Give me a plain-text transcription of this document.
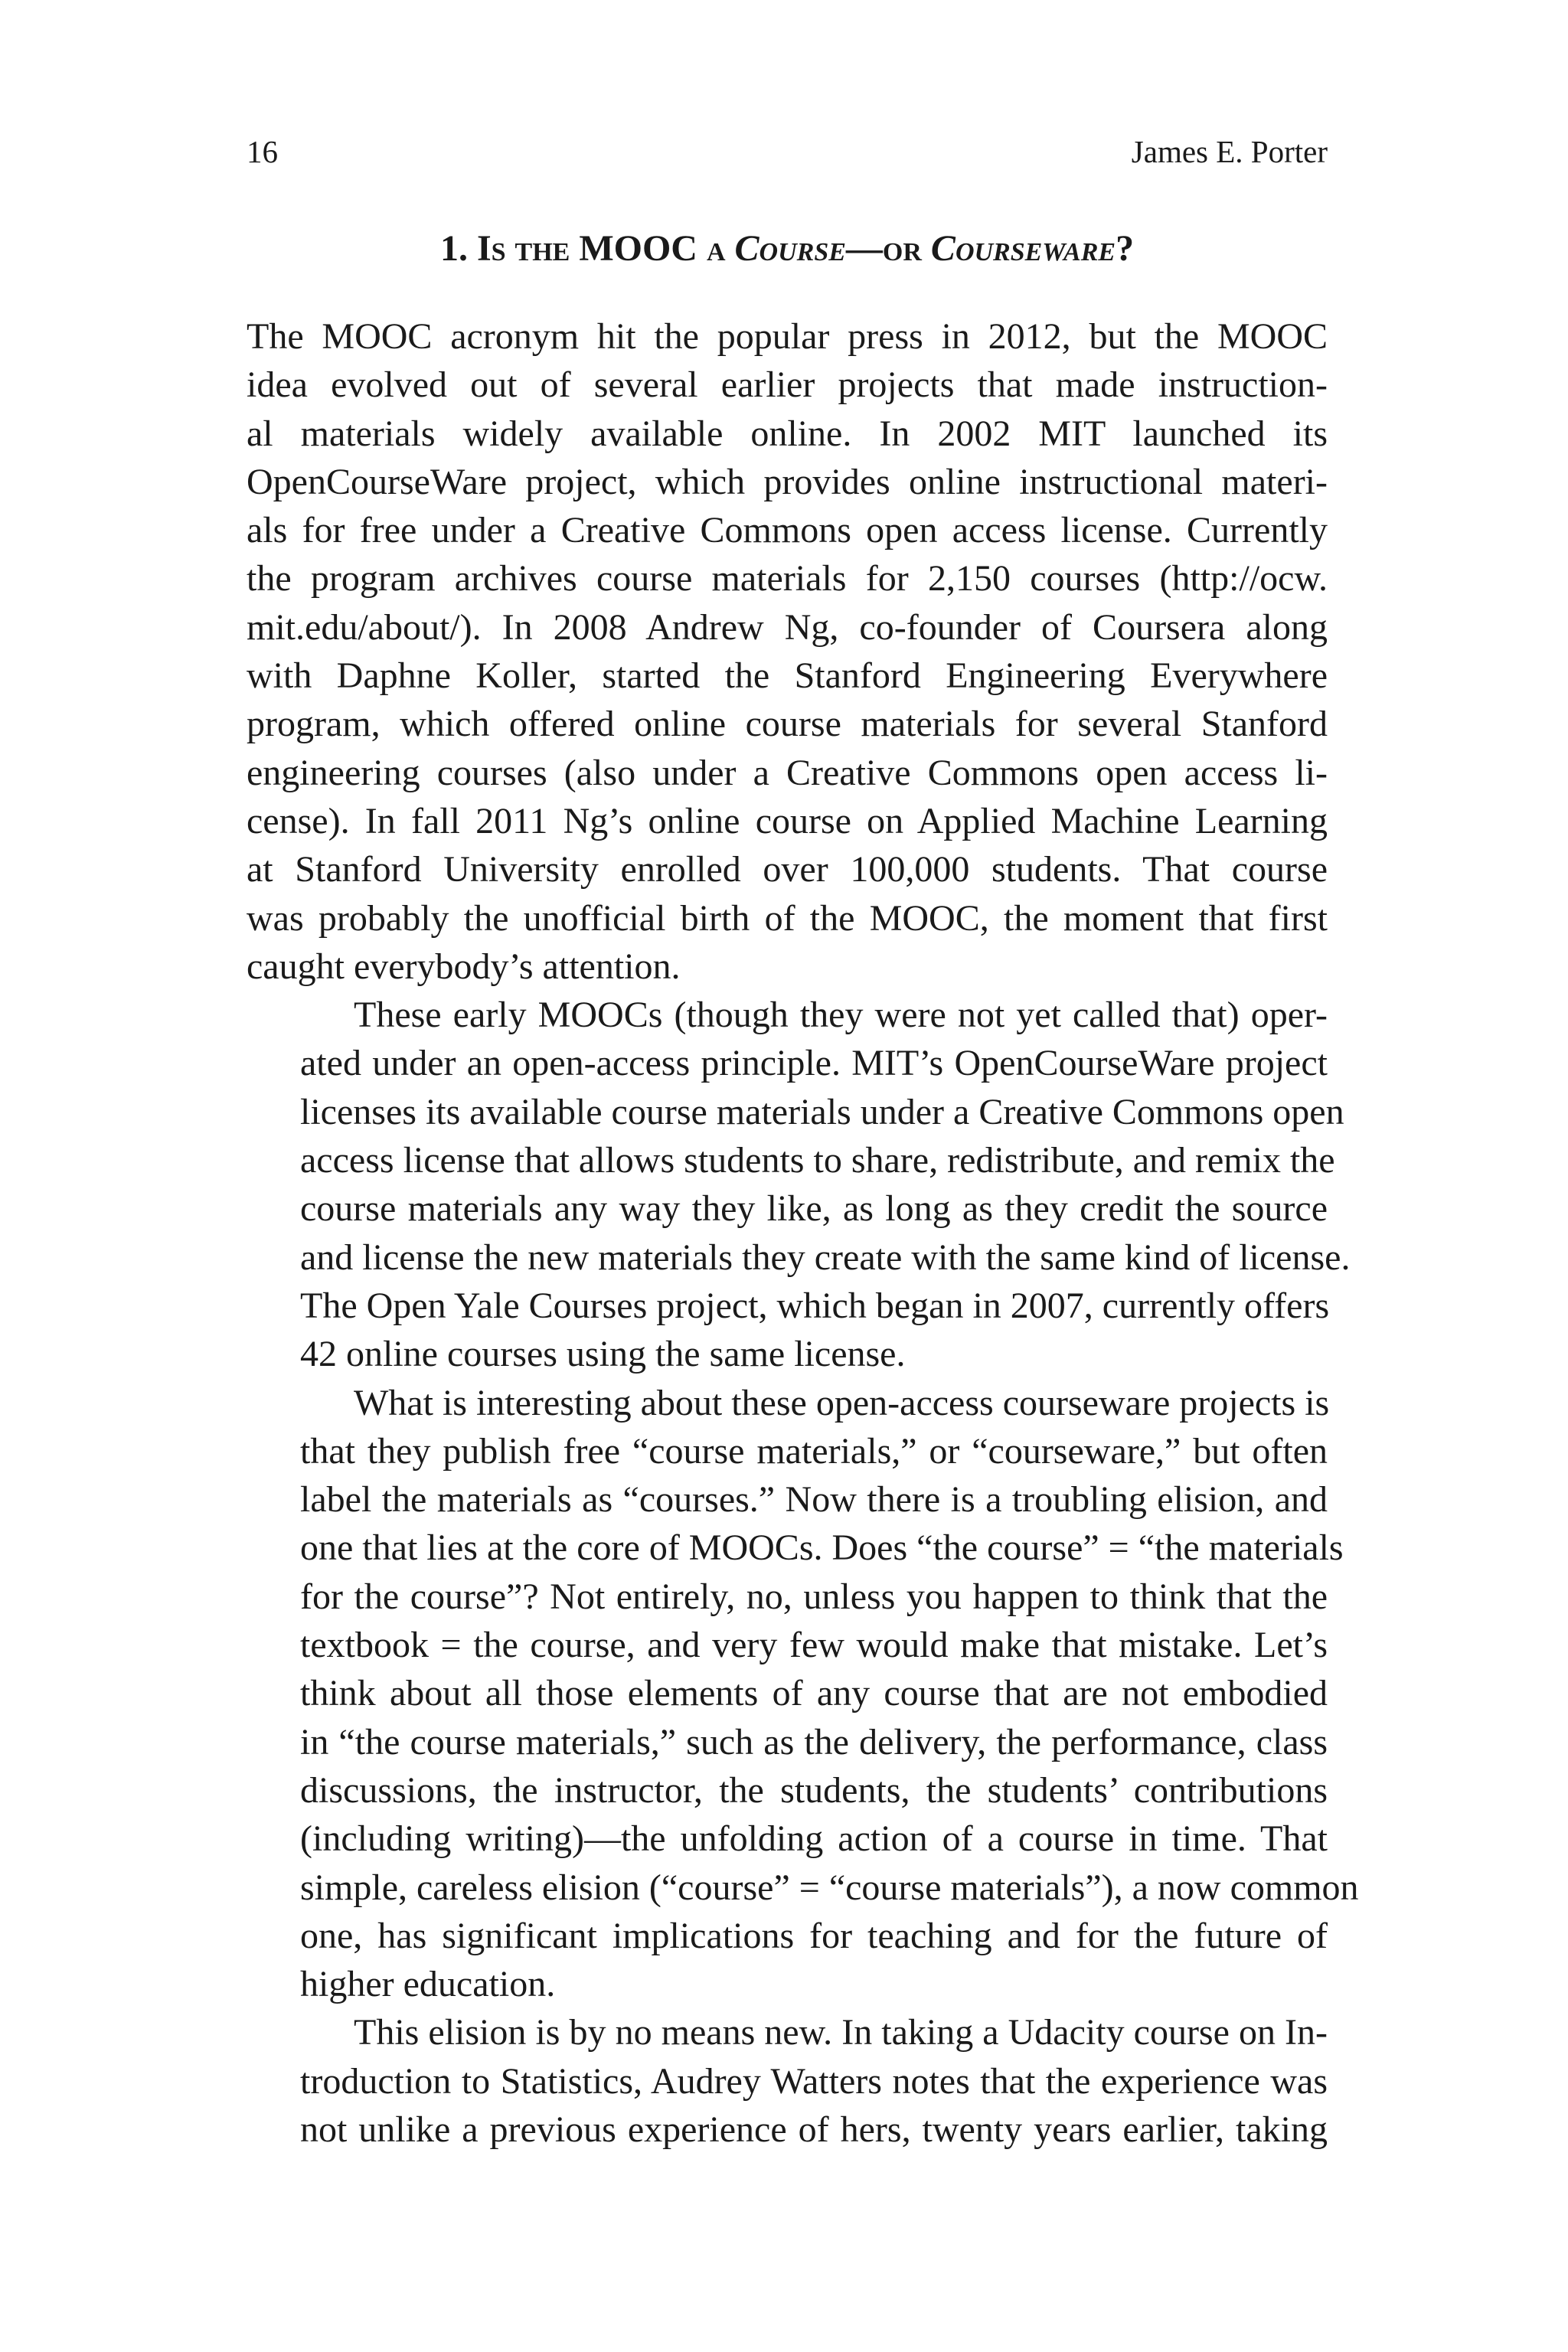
16	James E. Porter
1. Is the MOOC a Course—or Courseware?

The MOOC acronym hit the popular press in 2012, but the MOOC
idea evolved out of several earlier projects that made instruction-
al materials widely available online. In 2002 MIT launched its
OpenCourseWare project, which provides online instructional materi-
als for free under a Creative Commons open access license. Currently
the program archives course materials for 2,150 courses (http://ocw.
mit.edu/about/). In 2008 Andrew Ng, co-founder of Coursera along
with Daphne Koller, started the Stanford Engineering Everywhere
program, which offered online course materials for several Stanford
engineering courses (also under a Creative Commons open access li-
cense). In fall 2011 Ng’s online course on Applied Machine Learning
at Stanford University enrolled over 100,000 students. That course
was probably the unofficial birth of the MOOC, the moment that first
caught everybody’s attention.

These early MOOCs (though they were not yet called that) oper-
ated under an open-access principle. MIT’s OpenCourseWare project
licenses its available course materials under a Creative Commons open
access license that allows students to share, redistribute, and remix the
course materials any way they like, as long as they credit the source
and license the new materials they create with the same kind of license.
The Open Yale Courses project, which began in 2007, currently offers
42 online courses using the same license.

What is interesting about these open-access courseware projects is
that they publish free “course materials,” or “courseware,” but often
label the materials as “courses.” Now there is a troubling elision, and
one that lies at the core of MOOCs. Does “the course” = “the materials
for the course”? Not entirely, no, unless you happen to think that the
textbook = the course, and very few would make that mistake. Let’s
think about all those elements of any course that are not embodied
in “the course materials,” such as the delivery, the performance, class
discussions, the instructor, the students, the students’ contributions
(including writing)—the unfolding action of a course in time. That
simple, careless elision (“course” = “course materials”), a now common
one, has significant implications for teaching and for the future of
higher education.

This elision is by no means new. In taking a Udacity course on In-
troduction to Statistics, Audrey Watters notes that the experience was
not unlike a previous experience of hers, twenty years earlier, taking
